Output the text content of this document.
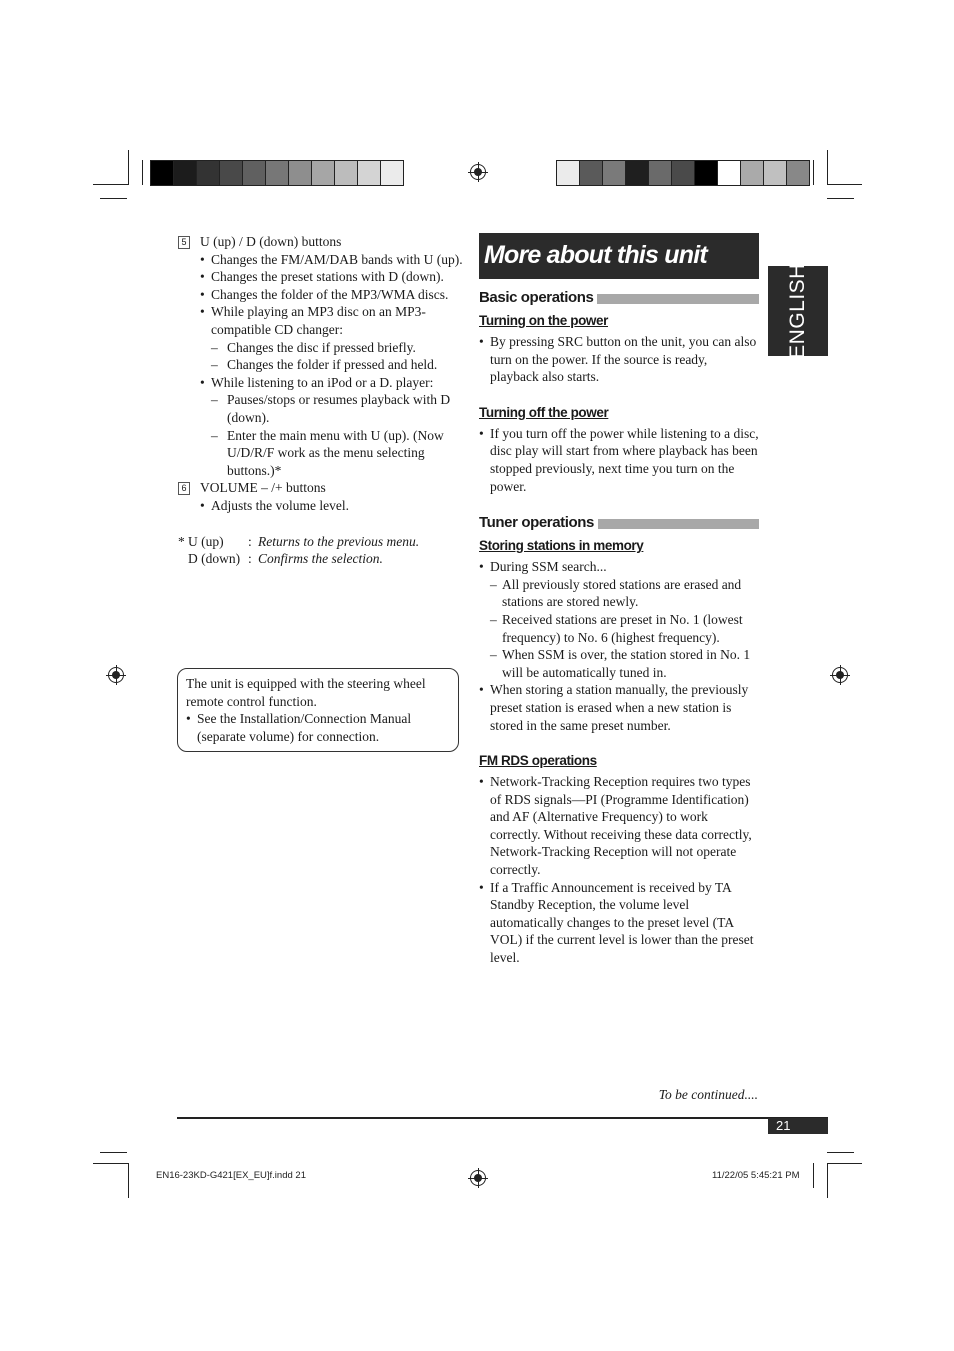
5 U (up) / D (down) buttons
• Changes the FM/AM/DAB bands with U (up).
• Changes the preset stations with D (down).
• Changes the folder of the MP3/WMA discs.
• While playing an MP3 disc on an MP3-compatible CD changer:
– Changes the disc if pressed briefly.
– Changes the folder if pressed and held.
• While listening to an iPod or a D. player:
– Pauses/stops or resumes playback with D (down).
– Enter the main menu with U (up). (Now U/D/R/F work as the menu selecting buttons.)*
6 VOLUME – /+ buttons
• Adjusts the volume level.
* U (up)	: Returns to the previous menu.
D (down) : Confirms the selection.
The unit is equipped with the steering wheel remote control function.
• See the Installation/Connection Manual (separate volume) for connection.
More about this unit
Basic operations
Turning on the power
• By pressing SRC button on the unit, you can also turn on the power. If the source is ready, playback also starts.
Turning off the power
• If you turn off the power while listening to a disc, disc play will start from where playback has been stopped previously, next time you turn on the power.
Tuner operations
Storing stations in memory
• During SSM search...
– All previously stored stations are erased and stations are stored newly.
– Received stations are preset in No. 1 (lowest frequency) to No. 6 (highest frequency).
– When SSM is over, the station stored in No. 1 will be automatically tuned in.
• When storing a station manually, the previously preset station is erased when a new station is stored in the same preset number.
FM RDS operations
• Network-Tracking Reception requires two types of RDS signals—PI (Programme Identification) and AF (Alternative Frequency) to work correctly. Without receiving these data correctly, Network-Tracking Reception will not operate correctly.
• If a Traffic Announcement is received by TA Standby Reception, the volume level automatically changes to the preset level (TA VOL) if the current level is lower than the preset level.
ENGLISH
To be continued....
21
EN16-23KD-G421[EX_EU]f.indd 21	11/22/05 5:45:21 PM
